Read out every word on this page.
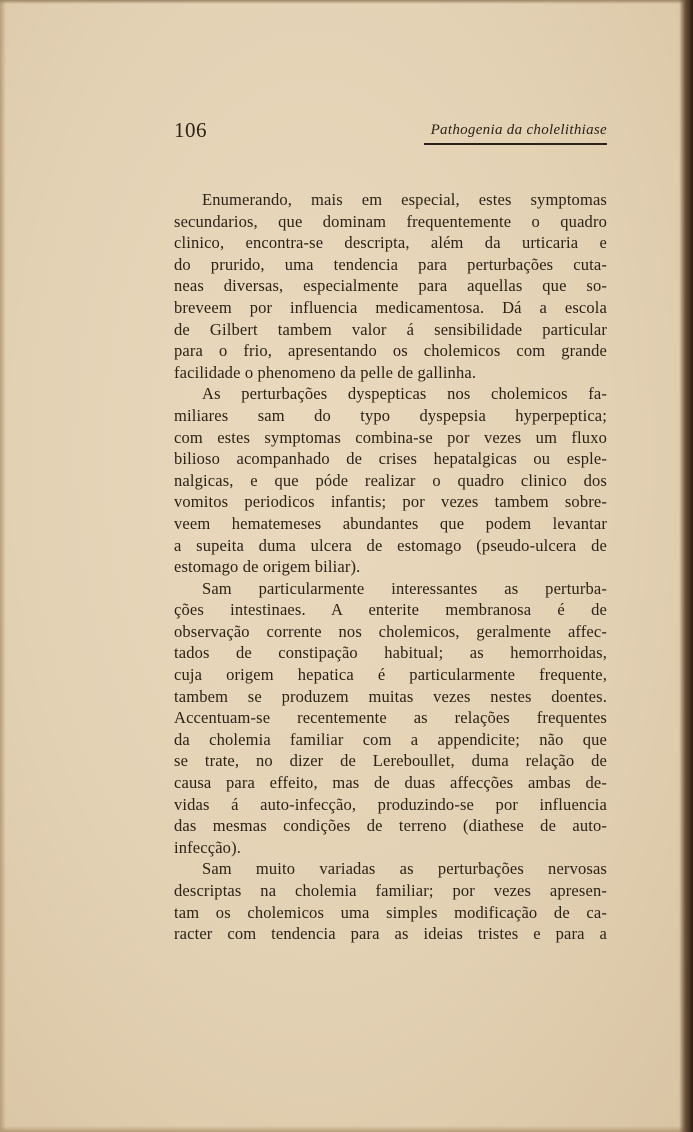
106	Pathogenia da cholelithiase
Enumerando, mais em especial, estes symptomas
secundarios, que dominam frequentemente o quadro
clinico, encontra-se descripta, além da urticaria e
do prurido, uma tendencia para perturbações cuta-
neas diversas, especialmente para aquellas que so-
breveem por influencia medicamentosa. Dá a escola
de Gilbert tambem valor á sensibilidade particular
para o frio, apresentando os cholemicos com grande
facilidade o phenomeno da pelle de gallinha.
As perturbações dyspepticas nos cholemicos fa-
miliares sam do typo dyspepsia hyperpeptica;
com estes symptomas combina-se por vezes um fluxo
bilioso acompanhado de crises hepatalgicas ou esple-
nalgicas, e que póde realizar o quadro clinico dos
vomitos periodicos infantis; por vezes tambem sobre-
veem hematemeses abundantes que podem levantar
a supeita duma ulcera de estomago (pseudo-ulcera de
estomago de origem biliar).
Sam particularmente interessantes as perturba-
ções intestinaes. A enterite membranosa é de
observação corrente nos cholemicos, geralmente affec-
tados de constipação habitual; as hemorrhoidas,
cuja origem hepatica é particularmente frequente,
tambem se produzem muitas vezes nestes doentes.
Accentuam-se recentemente as relações frequentes
da cholemia familiar com a appendicite; não que
se trate, no dizer de Lereboullet, duma relação de
causa para effeito, mas de duas affecções ambas de-
vidas á auto-infecção, produzindo-se por influencia
das mesmas condições de terreno (diathese de auto-
infecção).
Sam muito variadas as perturbações nervosas
descriptas na cholemia familiar; por vezes apresen-
tam os cholemicos uma simples modificação de ca-
racter com tendencia para as ideias tristes e para a
